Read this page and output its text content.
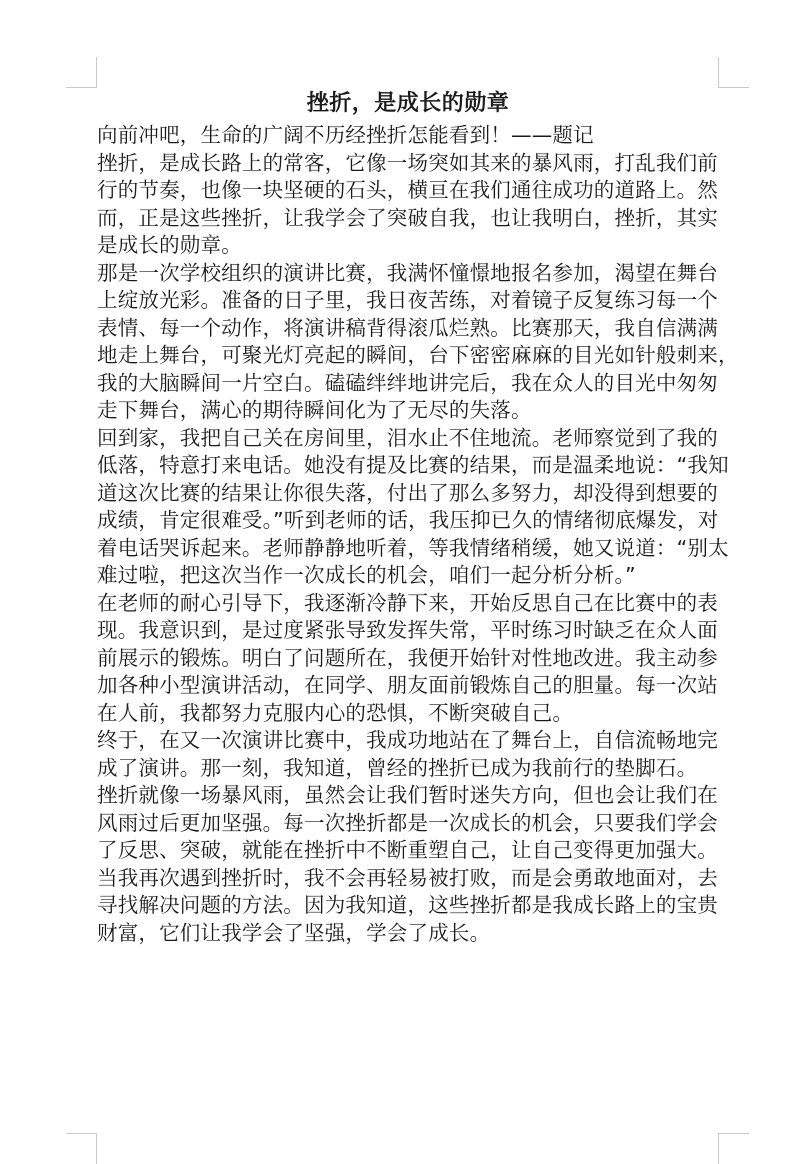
挫折，是成长的勋章
向前冲吧，生命的广阔不历经挫折怎能看到！——题记
挫折，是成长路上的常客，它像一场突如其来的暴风雨，打乱我们前
行的节奏，也像一块坚硬的石头，横亘在我们通往成功的道路上。然
而，正是这些挫折，让我学会了突破自我，也让我明白，挫折，其实
是成长的勋章。
那是一次学校组织的演讲比赛，我满怀憧憬地报名参加，渴望在舞台
上绽放光彩。准备的日子里，我日夜苦练，对着镜子反复练习每一个
表情、每一个动作，将演讲稿背得滚瓜烂熟。比赛那天，我自信满满
地走上舞台，可聚光灯亮起的瞬间，台下密密麻麻的目光如针般刺来，
我的大脑瞬间一片空白。磕磕绊绊地讲完后，我在众人的目光中匆匆
走下舞台，满心的期待瞬间化为了无尽的失落。
回到家，我把自己关在房间里，泪水止不住地流。老师察觉到了我的
低落，特意打来电话。她没有提及比赛的结果，而是温柔地说：“我知
道这次比赛的结果让你很失落，付出了那么多努力，却没得到想要的
成绩，肯定很难受。”听到老师的话，我压抑已久的情绪彻底爆发，对
着电话哭诉起来。老师静静地听着，等我情绪稍缓，她又说道：“别太
难过啦，把这次当作一次成长的机会，咱们一起分析分析。”
在老师的耐心引导下，我逐渐冷静下来，开始反思自己在比赛中的表
现。我意识到，是过度紧张导致发挥失常，平时练习时缺乏在众人面
前展示的锻炼。明白了问题所在，我便开始针对性地改进。我主动参
加各种小型演讲活动，在同学、朋友面前锻炼自己的胆量。每一次站
在人前，我都努力克服内心的恐惧，不断突破自己。
终于，在又一次演讲比赛中，我成功地站在了舞台上，自信流畅地完
成了演讲。那一刻，我知道，曾经的挫折已成为我前行的垫脚石。
挫折就像一场暴风雨，虽然会让我们暂时迷失方向，但也会让我们在
风雨过后更加坚强。每一次挫折都是一次成长的机会，只要我们学会
了反思、突破，就能在挫折中不断重塑自己，让自己变得更加强大。
当我再次遇到挫折时，我不会再轻易被打败，而是会勇敢地面对，去
寻找解决问题的方法。因为我知道，这些挫折都是我成长路上的宝贵
财富，它们让我学会了坚强，学会了成长。
